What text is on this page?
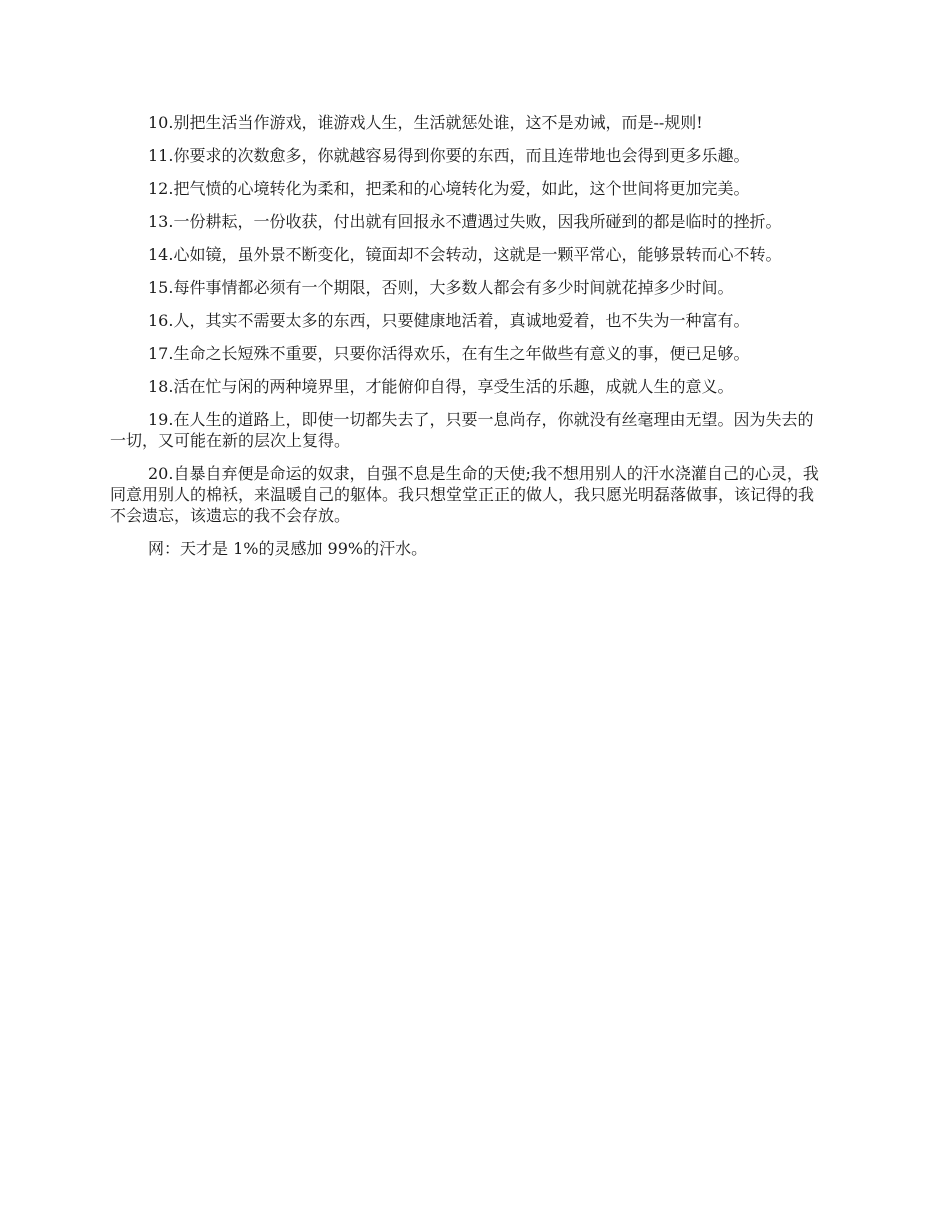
10.别把生活当作游戏，谁游戏人生，生活就惩处谁，这不是劝诫，而是--规则!

11.你要求的次数愈多，你就越容易得到你要的东西，而且连带地也会得到更多乐趣。

12.把气愤的心境转化为柔和，把柔和的心境转化为爱，如此，这个世间将更加完美。

13.一份耕耘，一份收获，付出就有回报永不遭遇过失败，因我所碰到的都是临时的挫折。

14.心如镜，虽外景不断变化，镜面却不会转动，这就是一颗平常心，能够景转而心不转。

15.每件事情都必须有一个期限，否则，大多数人都会有多少时间就花掉多少时间。

16.人，其实不需要太多的东西，只要健康地活着，真诚地爱着，也不失为一种富有。

17.生命之长短殊不重要，只要你活得欢乐，在有生之年做些有意义的事，便已足够。

18.活在忙与闲的两种境界里，才能俯仰自得，享受生活的乐趣，成就人生的意义。

19.在人生的道路上，即使一切都失去了，只要一息尚存，你就没有丝毫理由无望。因为失去的一切，又可能在新的层次上复得。

20.自暴自弃便是命运的奴隶，自强不息是生命的天使;我不想用别人的汗水浇灌自己的心灵，我同意用别人的棉袄，来温暖自己的躯体。我只想堂堂正正的做人，我只愿光明磊落做事，该记得的我不会遗忘，该遗忘的我不会存放。

网：天才是 1%的灵感加 99%的汗水。
